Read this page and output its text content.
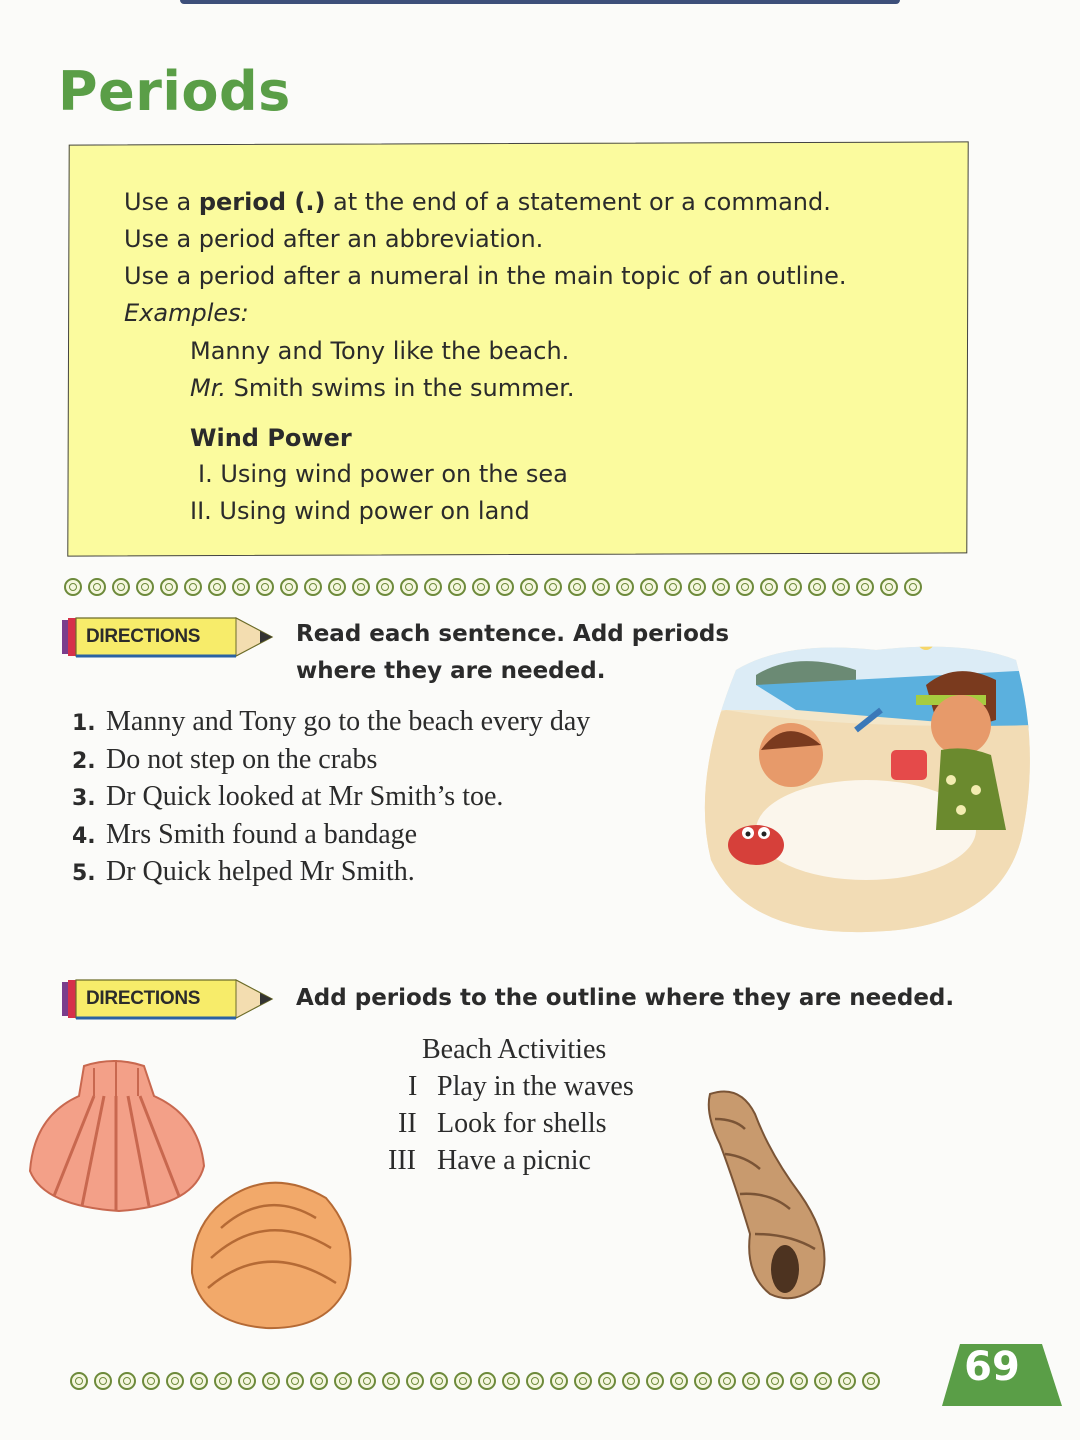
Periods
Use a period (.) at the end of a statement or a command.
Use a period after an abbreviation.
Use a period after a numeral in the main topic of an outline.
Examples:
Manny and Tony like the beach.
Mr. Smith swims in the summer.
Wind Power
I. Using wind power on the sea
II. Using wind power on land
DIRECTIONS	Read each sentence. Add periods
where they are needed.
1. Manny and Tony go to the beach every day
2. Do not step on the crabs
3. Dr Quick looked at Mr Smith’s toe.
4. Mrs Smith found a bandage
5. Dr Quick helped Mr Smith.
DIRECTIONS	Add periods to the outline where they are needed.
Beach Activities
I Play in the waves
II Look for shells
III Have a picnic
69
